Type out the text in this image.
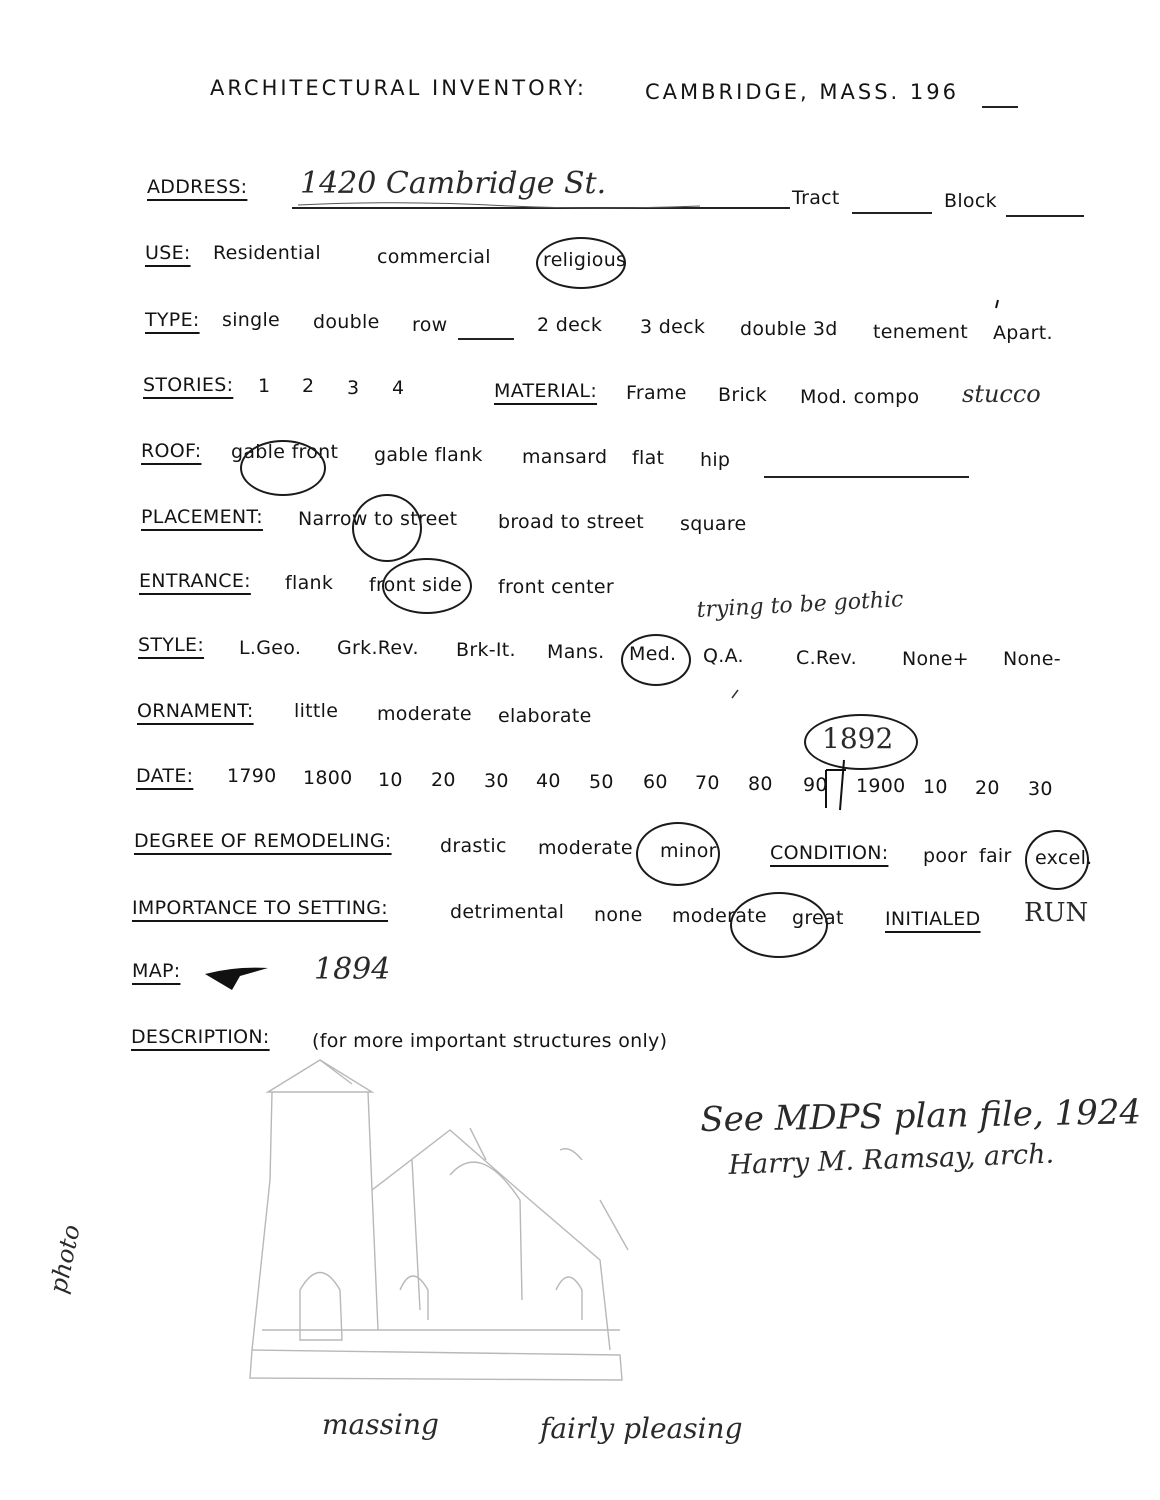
ARCHITECTURAL INVENTORY:	CAMBRIDGE, MASS. 196
ADDRESS: 1420 Cambridge St.	Tract	Block
USE: Residential	commercial	religious
TYPE: single double row	2 deck 3 deck double 3d tenement Apart.
STORIES: 1 2 3 4	MATERIAL: Frame Brick Mod. compo stucco
ROOF: gable front gable flank mansard flat hip
PLACEMENT: Narrow to street broad to street square
ENTRANCE: flank front side front center
STYLE: L.Geo. Grk.Rev. Brk-It. Mans. Med. Q.A.	C.Rev. None+ None-
trying to be gothic
ORNAMENT: little moderate elaborate
DATE: 1790 1800 10 20 30 40 50 60 70 80 90 1900 10 20 30
1892
DEGREE OF REMODELING:	drastic moderate minor	CONDITION: poor fair excel.
IMPORTANCE TO SETTING:	detrimental none moderate great INITIALED RUN
MAP:	1894
DESCRIPTION: (for more important structures only)
See MDPS plan file, 1924
Harry M. Ramsay, arch.
photo
massing	fairly pleasing
